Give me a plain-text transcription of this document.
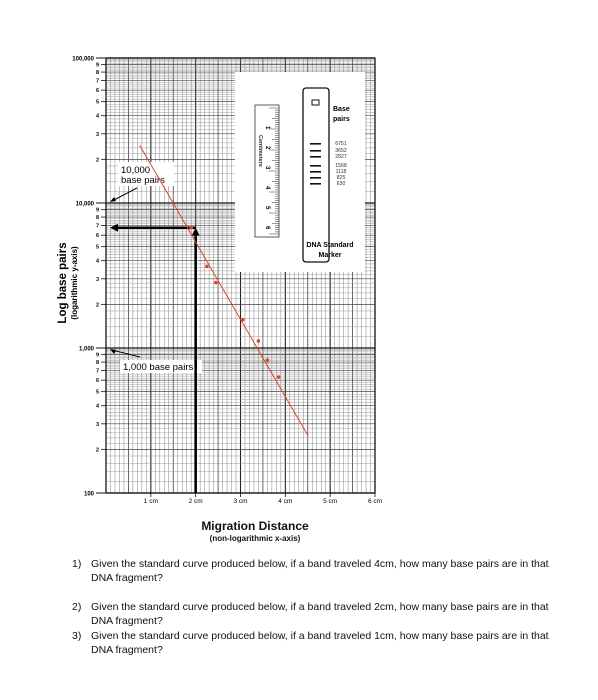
100
2
3
4
5
6
7
8
9
1,000
2
3
4
5
6
7
8
9
10,000
2
3
4
5
6
7
8
9
100,000
1 cm	2 cm	3 cm	4 cm	5 cm	6 cm
Log base pairs (logarithmic y-axis)
1
2
3
4
5
6
Centimeters	6751
3652
2827
1568
1118
825
630
Base
pairs
DNA Standard
Marker
10,000
base pairs
1,000 base pairs
Migration Distance
(non-logarithmic x-axis)
1) Given the standard curve produced below, if a band traveled 4cm, how many base pairs are in that DNA fragment?
2) Given the standard curve produced below, if a band traveled 2cm, how many base pairs are in that DNA fragment?
3) Given the standard curve produced below, if a band traveled 1cm, how many base pairs are in that DNA fragment?
